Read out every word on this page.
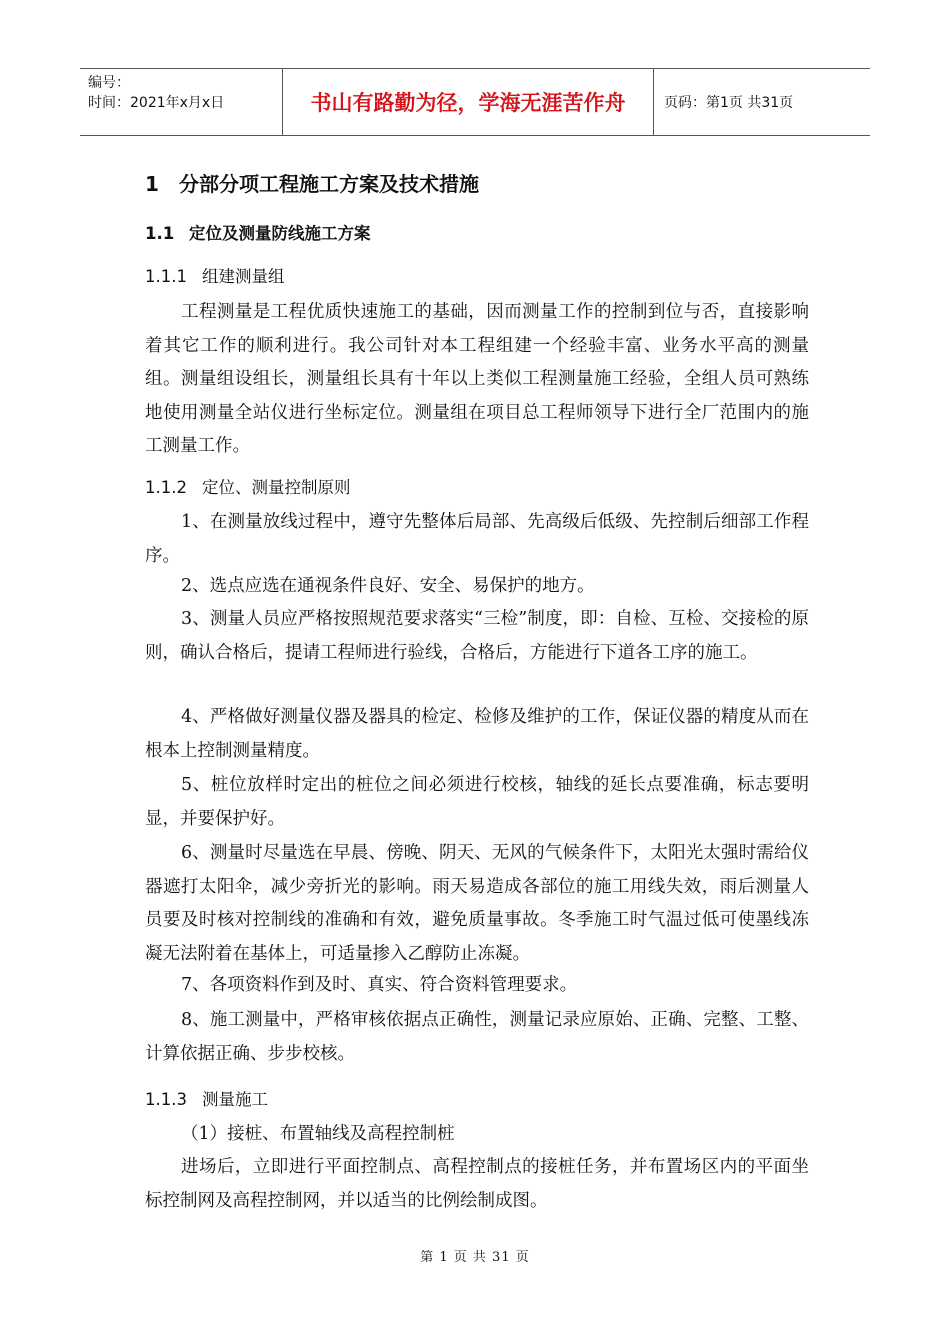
编号：
时间：2021年x月x日	书山有路勤为径，学海无涯苦作舟	页码：第1页 共31页
1 分部分项工程施工方案及技术措施
1.1 定位及测量防线施工方案
1.1.1 组建测量组

工程测量是工程优质快速施工的基础，因而测量工作的控制到位与否，直接影响着其它工作的顺利进行。我公司针对本工程组建一个经验丰富、业务水平高的测量组。测量组设组长，测量组长具有十年以上类似工程测量施工经验，全组人员可熟练地使用测量全站仪进行坐标定位。测量组在项目总工程师领导下进行全厂范围内的施工测量工作。

1.1.2 定位、测量控制原则

1、在测量放线过程中，遵守先整体后局部、先高级后低级、先控制后细部工作程序。

2、选点应选在通视条件良好、安全、易保护的地方。

3、测量人员应严格按照规范要求落实“三检”制度，即：自检、互检、交接检的原则，确认合格后，提请工程师进行验线，合格后，方能进行下道各工序的施工。

4、严格做好测量仪器及器具的检定、检修及维护的工作，保证仪器的精度从而在根本上控制测量精度。

5、桩位放样时定出的桩位之间必须进行校核，轴线的延长点要准确，标志要明显，并要保护好。

6、测量时尽量选在早晨、傍晚、阴天、无风的气候条件下，太阳光太强时需给仪器遮打太阳伞，减少旁折光的影响。雨天易造成各部位的施工用线失效，雨后测量人员要及时核对控制线的准确和有效，避免质量事故。冬季施工时气温过低可使墨线冻凝无法附着在基体上，可适量掺入乙醇防止冻凝。

7、各项资料作到及时、真实、符合资料管理要求。

8、施工测量中，严格审核依据点正确性，测量记录应原始、正确、完整、工整、计算依据正确、步步校核。

1.1.3 测量施工

（1）接桩、布置轴线及高程控制桩

进场后，立即进行平面控制点、高程控制点的接桩任务，并布置场区内的平面坐标控制网及高程控制网，并以适当的比例绘制成图。

第 1 页 共 31 页
